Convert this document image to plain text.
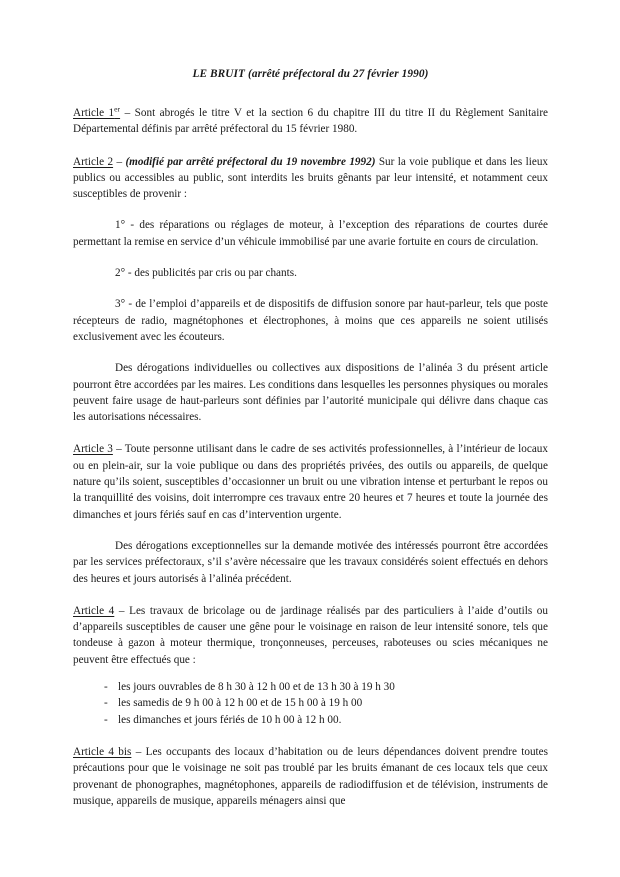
LE BRUIT (arrêté préfectoral du 27 février 1990)

Article 1er – Sont abrogés le titre V et la section 6 du chapitre III du titre II du Règlement Sanitaire Départemental définis par arrêté préfectoral du 15 février 1980.

Article 2 – (modifié par arrêté préfectoral du 19 novembre 1992) Sur la voie publique et dans les lieux publics ou accessibles au public, sont interdits les bruits gênants par leur intensité, et notamment ceux susceptibles de provenir :

1° - des réparations ou réglages de moteur, à l’exception des réparations de courtes durée permettant la remise en service d’un véhicule immobilisé par une avarie fortuite en cours de circulation.

2° - des publicités par cris ou par chants.

3° - de l’emploi d’appareils et de dispositifs de diffusion sonore par haut-parleur, tels que poste récepteurs de radio, magnétophones et électrophones, à moins que ces appareils ne soient utilisés exclusivement avec les écouteurs.

Des dérogations individuelles ou collectives aux dispositions de l’alinéa 3 du présent article pourront être accordées par les maires. Les conditions dans lesquelles les personnes physiques ou morales peuvent faire usage de haut-parleurs sont définies par l’autorité municipale qui délivre dans chaque cas les autorisations nécessaires.

Article 3 – Toute personne utilisant dans le cadre de ses activités professionnelles, à l’intérieur de locaux ou en plein-air, sur la voie publique ou dans des propriétés privées, des outils ou appareils, de quelque nature qu’ils soient, susceptibles d’occasionner un bruit ou une vibration intense et perturbant le repos ou la tranquillité des voisins, doit interrompre ces travaux entre 20 heures et 7 heures et toute la journée des dimanches et jours fériés sauf en cas d’intervention urgente.

Des dérogations exceptionnelles sur la demande motivée des intéressés pourront être accordées par les services préfectoraux, s’il s’avère nécessaire que les travaux considérés soient effectués en dehors des heures et jours autorisés à l’alinéa précédent.

Article 4 – Les travaux de bricolage ou de jardinage réalisés par des particuliers à l’aide d’outils ou d’appareils susceptibles de causer une gêne pour le voisinage en raison de leur intensité sonore, tels que tondeuse à gazon à moteur thermique, tronçonneuses, perceuses, raboteuses ou scies mécaniques ne peuvent être effectués que :

- les jours ouvrables de 8 h 30 à 12 h 00 et de 13 h 30 à 19 h 30
- les samedis de 9 h 00 à 12 h 00 et de 15 h 00 à 19 h 00
- les dimanches et jours fériés de 10 h 00 à 12 h 00.

Article 4 bis – Les occupants des locaux d’habitation ou de leurs dépendances doivent prendre toutes précautions pour que le voisinage ne soit pas troublé par les bruits émanant de ces locaux tels que ceux provenant de phonographes, magnétophones, appareils de radiodiffusion et de télévision, instruments de musique, appareils de musique, appareils ménagers ainsi que
